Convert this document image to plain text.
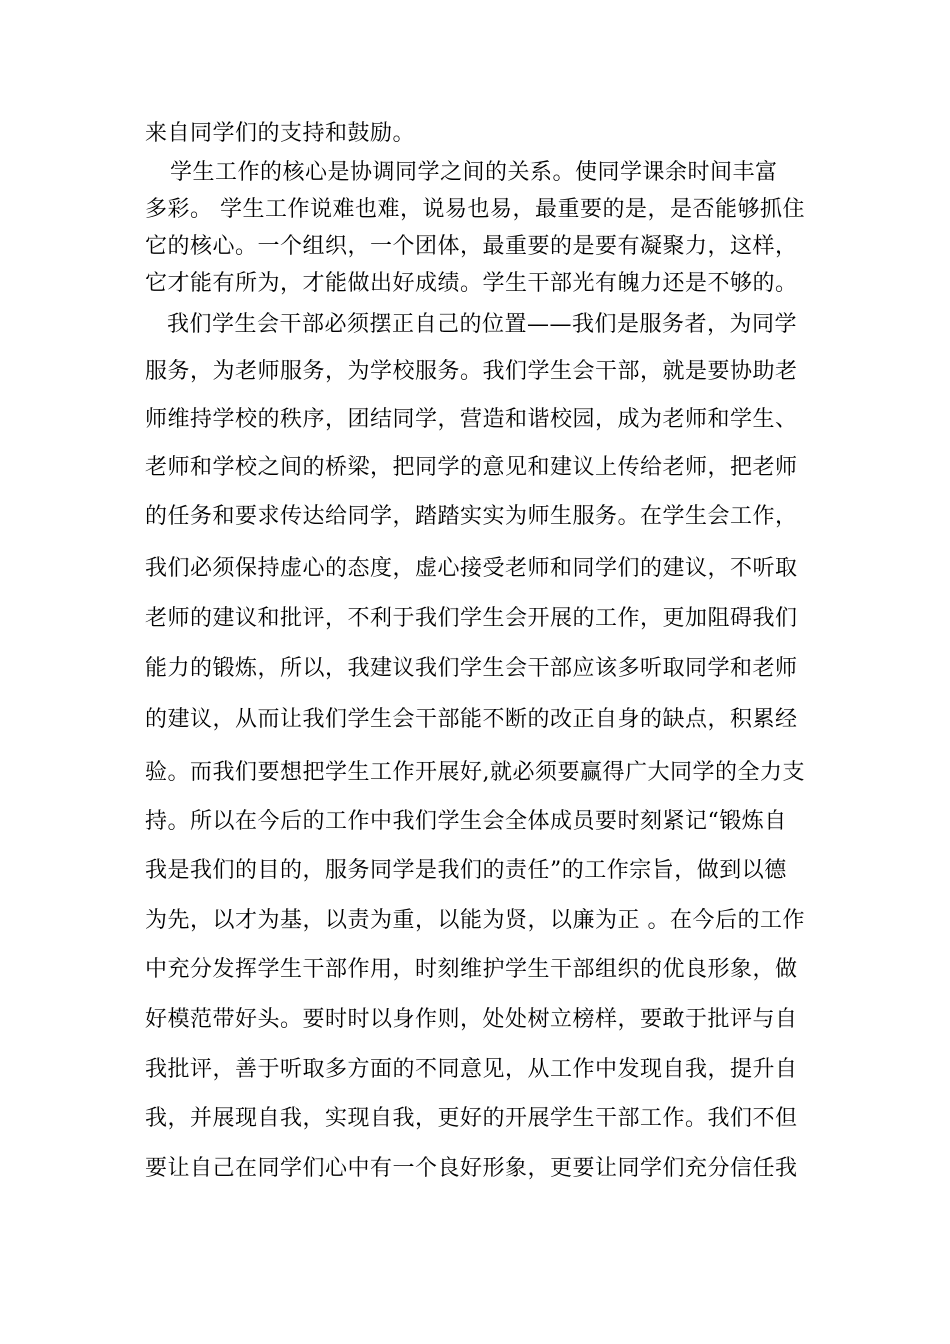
来自同学们的支持和鼓励。
学生工作的核心是协调同学之间的关系。使同学课余时间丰富
多彩。 学生工作说难也难，说易也易，最重要的是，是否能够抓住
它的核心。一个组织，一个团体，最重要的是要有凝聚力，这样，
它才能有所为，才能做出好成绩。学生干部光有魄力还是不够的。
我们学生会干部必须摆正自己的位置——我们是服务者，为同学
服务，为老师服务，为学校服务。我们学生会干部，就是要协助老
师维持学校的秩序，团结同学，营造和谐校园，成为老师和学生、
老师和学校之间的桥梁，把同学的意见和建议上传给老师，把老师
的任务和要求传达给同学，踏踏实实为师生服务。在学生会工作，
我们必须保持虚心的态度，虚心接受老师和同学们的建议，不听取
老师的建议和批评，不利于我们学生会开展的工作，更加阻碍我们
能力的锻炼，所以，我建议我们学生会干部应该多听取同学和老师
的建议，从而让我们学生会干部能不断的改正自身的缺点，积累经
验。而我们要想把学生工作开展好,就必须要赢得广大同学的全力支
持。所以在今后的工作中我们学生会全体成员要时刻紧记“锻炼自
我是我们的目的，服务同学是我们的责任”的工作宗旨，做到以德
为先，以才为基，以责为重，以能为贤，以廉为正 。在今后的工作
中充分发挥学生干部作用，时刻维护学生干部组织的优良形象，做
好模范带好头。要时时以身作则，处处树立榜样，要敢于批评与自
我批评，善于听取多方面的不同意见，从工作中发现自我，提升自
我，并展现自我，实现自我，更好的开展学生干部工作。我们不但
要让自己在同学们心中有一个良好形象，更要让同学们充分信任我
